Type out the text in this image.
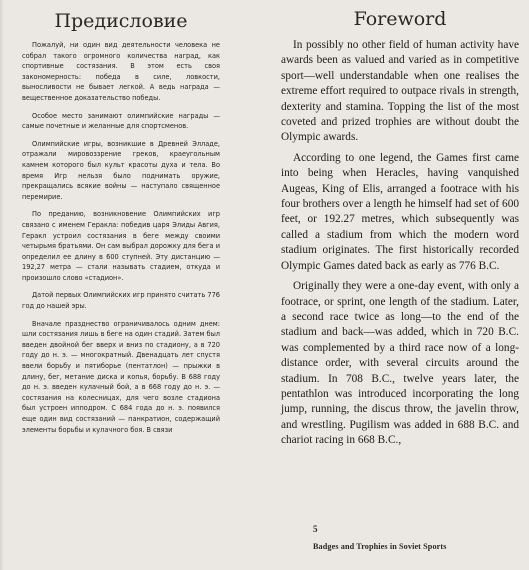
Предисловие

Пожалуй, ни один вид деятельности человека не собрал такого огромного количества наград, как спортивные состязания. В этом есть своя закономерность: победа в силе, ловкости, выносливости не бывает легкой. А ведь награда — вещественное доказательство победы.

Особое место занимают олимпийские награды — самые почетные и желанные для спортсменов.

Олимпийские игры, возникшие в Древней Элладе, отражали мировоззрение греков, краеугольным камнем которого был культ красоты духа и тела. Во время Игр нельзя было поднимать оружие, прекращались всякие войны — наступало священное перемирие.

По преданию, возникновение Олимпийских игр связано с именем Геракла: победив царя Элиды Авгия, Геракл устроил состязания в беге между своими четырьмя братьями. Он сам выбрал дорожку для бега и определил ее длину в 600 ступней. Эту дистанцию — 192,27 метра — стали называть стадием, откуда и произошло слово «стадион».

Датой первых Олимпийских игр принято считать 776 год до нашей эры.

Вначале празднество ограничивалось одним днем: шли состязания лишь в беге на один стадий. Затем был введен двойной бег вверх и вниз по стадиону, а в 720 году до н. э. — многократный. Двенадцать лет спустя ввели борьбу и пятиборье (пентатлон) — прыжки в длину, бег, метание диска и копья, борьбу. В 688 году до н. э. введен кулачный бой, а в 668 году до н. э. — состязания на колесницах, для чего возле стадиона был устроен ипподром. С 684 года до н. э. появился еще один вид состязаний — панкратион, содержащий элементы борьбы и кулачного боя. В связи

Foreword

In possibly no other field of human activity have awards been as valued and varied as in competitive sport—well understandable when one realises the extreme effort required to outpace rivals in strength, dexterity and stamina. Topping the list of the most coveted and prized trophies are without doubt the Olympic awards.

According to one legend, the Games first came into being when Heracles, having vanquished Augeas, King of Elis, arranged a footrace with his four brothers over a length he himself had set of 600 feet, or 192.27 metres, which subsequently was called a stadium from which the modern word stadium originates. The first historically recorded Olympic Games dated back as early as 776 B.C.

Originally they were a one-day event, with only a footrace, or sprint, one length of the stadium. Later, a second race twice as long—to the end of the stadium and back—was added, which in 720 B.C. was complemented by a third race now of a long-distance order, with several circuits around the stadium. In 708 B.C., twelve years later, the pentathlon was introduced incorporating the long jump, running, the discus throw, the javelin throw, and wrestling. Pugilism was added in 688 B.C. and chariot racing in 668 B.C.,

5
Badges and Trophies in Soviet Sports
